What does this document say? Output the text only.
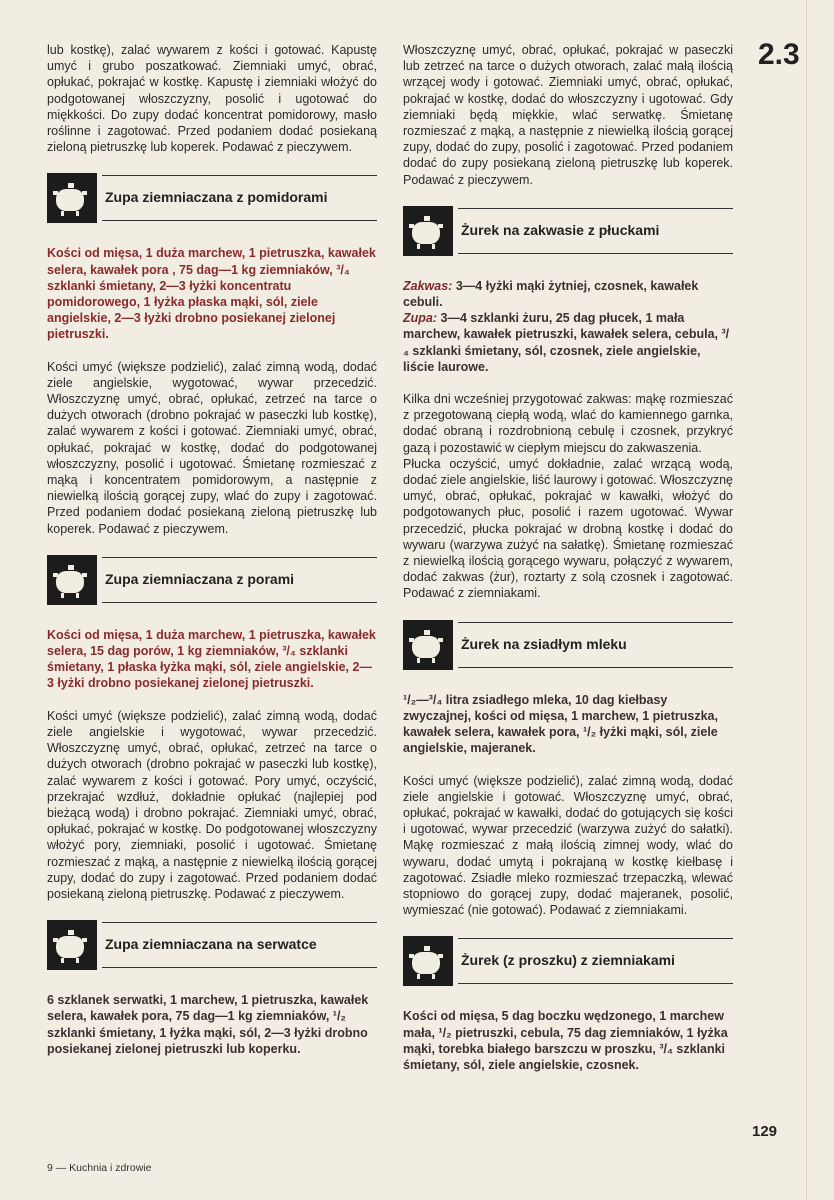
2.3

lub kostkę), zalać wywarem z kości i gotować. Kapustę umyć i grubo poszatkować. Ziemniaki umyć, obrać, opłukać, pokrajać w kostkę. Kapustę i ziemniaki włożyć do podgotowanej włoszczyzny, posolić i ugotować do miękkości. Do zupy dodać koncentrat pomidorowy, masło roślinne i zagotować. Przed podaniem dodać posiekaną zieloną pietruszkę lub koperek. Podawać z pieczywem.

Zupa ziemniaczana z pomidorami

Kości od mięsa, 1 duża marchew, 1 pietruszka, kawałek selera, kawałek pora , 75 dag—1 kg ziemniaków, ³/₄ szklanki śmietany, 2—3 łyżki koncentratu pomidorowego, 1 łyżka płaska mąki, sól, ziele angielskie, 2—3 łyżki drobno posiekanej zielonej pietruszki.

Kości umyć (większe podzielić), zalać zimną wodą, dodać ziele angielskie, wygotować, wywar przecedzić. Włoszczyznę umyć, obrać, opłukać, zetrzeć na tarce o dużych otworach (drobno pokrajać w paseczki lub kostkę), zalać wywarem z kości i gotować. Ziemniaki umyć, obrać, opłukać, pokrajać w kostkę, dodać do podgotowanej włoszczyzny, posolić i ugotować. Śmietanę rozmieszać z mąką i koncentratem pomidorowym, a następnie z niewielką ilością gorącej zupy, wlać do zupy i zagotować. Przed podaniem dodać posiekaną zieloną pietruszkę lub koperek. Podawać z pieczywem.

Zupa ziemniaczana z porami

Kości od mięsa, 1 duża marchew, 1 pietruszka, kawałek selera, 15 dag porów, 1 kg ziemniaków, ³/₄ szklanki śmietany, 1 płaska łyżka mąki, sól, ziele angielskie, 2—3 łyżki drobno posiekanej zielonej pietruszki.

Kości umyć (większe podzielić), zalać zimną wodą, dodać ziele angielskie i wygotować, wywar przecedzić. Włoszczyznę umyć, obrać, opłukać, zetrzeć na tarce o dużych otworach (drobno pokrajać w paseczki lub kostkę), zalać wywarem z kości i gotować. Pory umyć, oczyścić, przekrajać wzdłuż, dokładnie opłukać (najlepiej pod bieżącą wodą) i drobno pokrajać. Ziemniaki umyć, obrać, opłukać, pokrajać w kostkę. Do podgotowanej włoszczyzny włożyć pory, ziemniaki, posolić i ugotować. Śmietanę rozmieszać z mąką, a następnie z niewielką ilością gorącej zupy, dodać do zupy i zagotować. Przed podaniem dodać posiekaną zieloną pietruszkę. Podawać z pieczywem.

Zupa ziemniaczana na serwatce

6 szklanek serwatki, 1 marchew, 1 pietruszka, kawałek selera, kawałek pora, 75 dag—1 kg ziemniaków, ¹/₂ szklanki śmietany, 1 łyżka mąki, sól, 2—3 łyżki drobno posiekanej zielonej pietruszki lub koperku.

Włoszczyznę umyć, obrać, opłukać, pokrajać w paseczki lub zetrzeć na tarce o dużych otworach, zalać małą ilością wrzącej wody i gotować. Ziemniaki umyć, obrać, opłukać, pokrajać w kostkę, dodać do włoszczyzny i ugotować. Gdy ziemniaki będą miękkie, wlać serwatkę. Śmietanę rozmieszać z mąką, a następnie z niewielką ilością gorącej zupy, dodać do zupy, posolić i zagotować. Przed podaniem dodać do zupy posiekaną zieloną pietruszkę lub koperek. Podawać z pieczywem.

Żurek na zakwasie z płuckami

Zakwas: 3—4 łyżki mąki żytniej, czosnek, kawałek cebuli.

Zupa: 3—4 szklanki żuru, 25 dag płucek, 1 mała marchew, kawałek pietruszki, kawałek selera, cebula, ³/₄ szklanki śmietany, sól, czosnek, ziele angielskie, liście laurowe.

Kilka dni wcześniej przygotować zakwas: mąkę rozmieszać z przegotowaną ciepłą wodą, wlać do kamiennego garnka, dodać obraną i rozdrobnioną cebulę i czosnek, przykryć gazą i pozostawić w ciepłym miejscu do zakwaszenia.

Płucka oczyścić, umyć dokładnie, zalać wrzącą wodą, dodać ziele angielskie, liść laurowy i gotować. Włoszczyznę umyć, obrać, opłukać, pokrajać w kawałki, włożyć do podgotowanych płuc, posolić i razem ugotować. Wywar przecedzić, płucka pokrajać w drobną kostkę i dodać do wywaru (warzywa zużyć na sałatkę). Śmietanę rozmieszać z niewielką ilością gorącego wywaru, połączyć z wywarem, dodać zakwas (żur), roztarty z solą czosnek i zagotować. Podawać z ziemniakami.

Żurek na zsiadłym mleku

¹/₂—³/₄ litra zsiadłego mleka, 10 dag kiełbasy zwyczajnej, kości od mięsa, 1 marchew, 1 pietruszka, kawałek selera, kawałek pora, ¹/₂ łyżki mąki, sól, ziele angielskie, majeranek.

Kości umyć (większe podzielić), zalać zimną wodą, dodać ziele angielskie i gotować. Włoszczyznę umyć, obrać, opłukać, pokrajać w kawałki, dodać do gotujących się kości i ugotować, wywar przecedzić (warzywa zużyć do sałatki). Mąkę rozmieszać z małą ilością zimnej wody, wlać do wywaru, dodać umytą i pokrajaną w kostkę kiełbasę i zagotować. Zsiadłe mleko rozmieszać trzepaczką, wlewać stopniowo do gorącej zupy, dodać majeranek, posolić, wymieszać (nie gotować). Podawać z ziemniakami.

Żurek (z proszku) z ziemniakami

Kości od mięsa, 5 dag boczku wędzonego, 1 marchew mała, ¹/₂ pietruszki, cebula, 75 dag ziemniaków, 1 łyżka mąki, torebka białego barszczu w proszku, ³/₄ szklanki śmietany, sól, ziele angielskie, czosnek.

129
9 — Kuchnia i zdrowie
